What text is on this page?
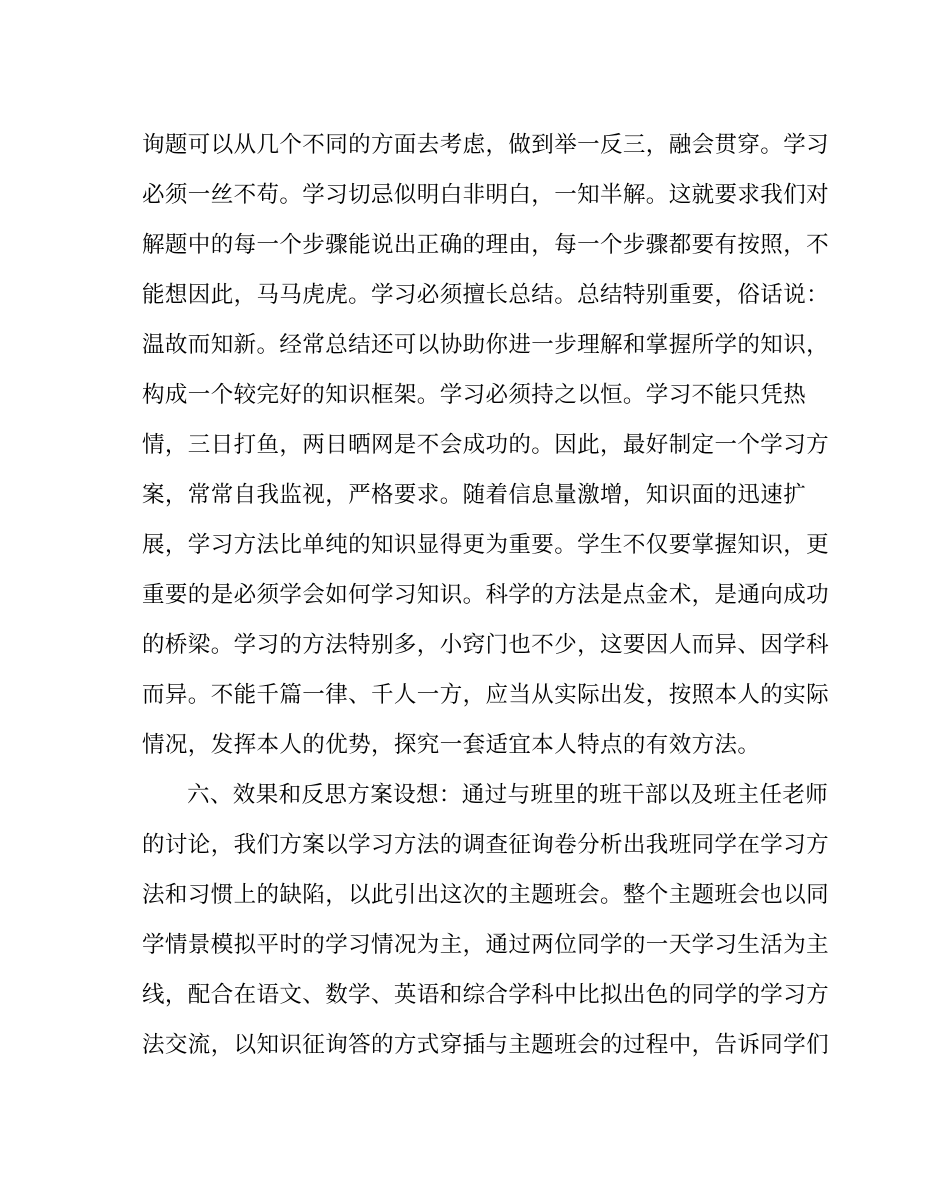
询题可以从几个不同的方面去考虑，做到举一反三，融会贯穿。学习
必须一丝不苟。学习切忌似明白非明白，一知半解。这就要求我们对
解题中的每一个步骤能说出正确的理由，每一个步骤都要有按照，不
能想因此，马马虎虎。学习必须擅长总结。总结特别重要，俗话说：
温故而知新。经常总结还可以协助你进一步理解和掌握所学的知识，
构成一个较完好的知识框架。学习必须持之以恒。学习不能只凭热
情，三日打鱼，两日晒网是不会成功的。因此，最好制定一个学习方
案，常常自我监视，严格要求。随着信息量激增，知识面的迅速扩
展，学习方法比单纯的知识显得更为重要。学生不仅要掌握知识，更
重要的是必须学会如何学习知识。科学的方法是点金术，是通向成功
的桥梁。学习的方法特别多，小窍门也不少，这要因人而异、因学科
而异。不能千篇一律、千人一方，应当从实际出发，按照本人的实际
情况，发挥本人的优势，探究一套适宜本人特点的有效方法。
六、效果和反思方案设想：通过与班里的班干部以及班主任老师
的讨论，我们方案以学习方法的调查征询卷分析出我班同学在学习方
法和习惯上的缺陷，以此引出这次的主题班会。整个主题班会也以同
学情景模拟平时的学习情况为主，通过两位同学的一天学习生活为主
线，配合在语文、数学、英语和综合学科中比拟出色的同学的学习方
法交流，以知识征询答的方式穿插与主题班会的过程中，告诉同学们
